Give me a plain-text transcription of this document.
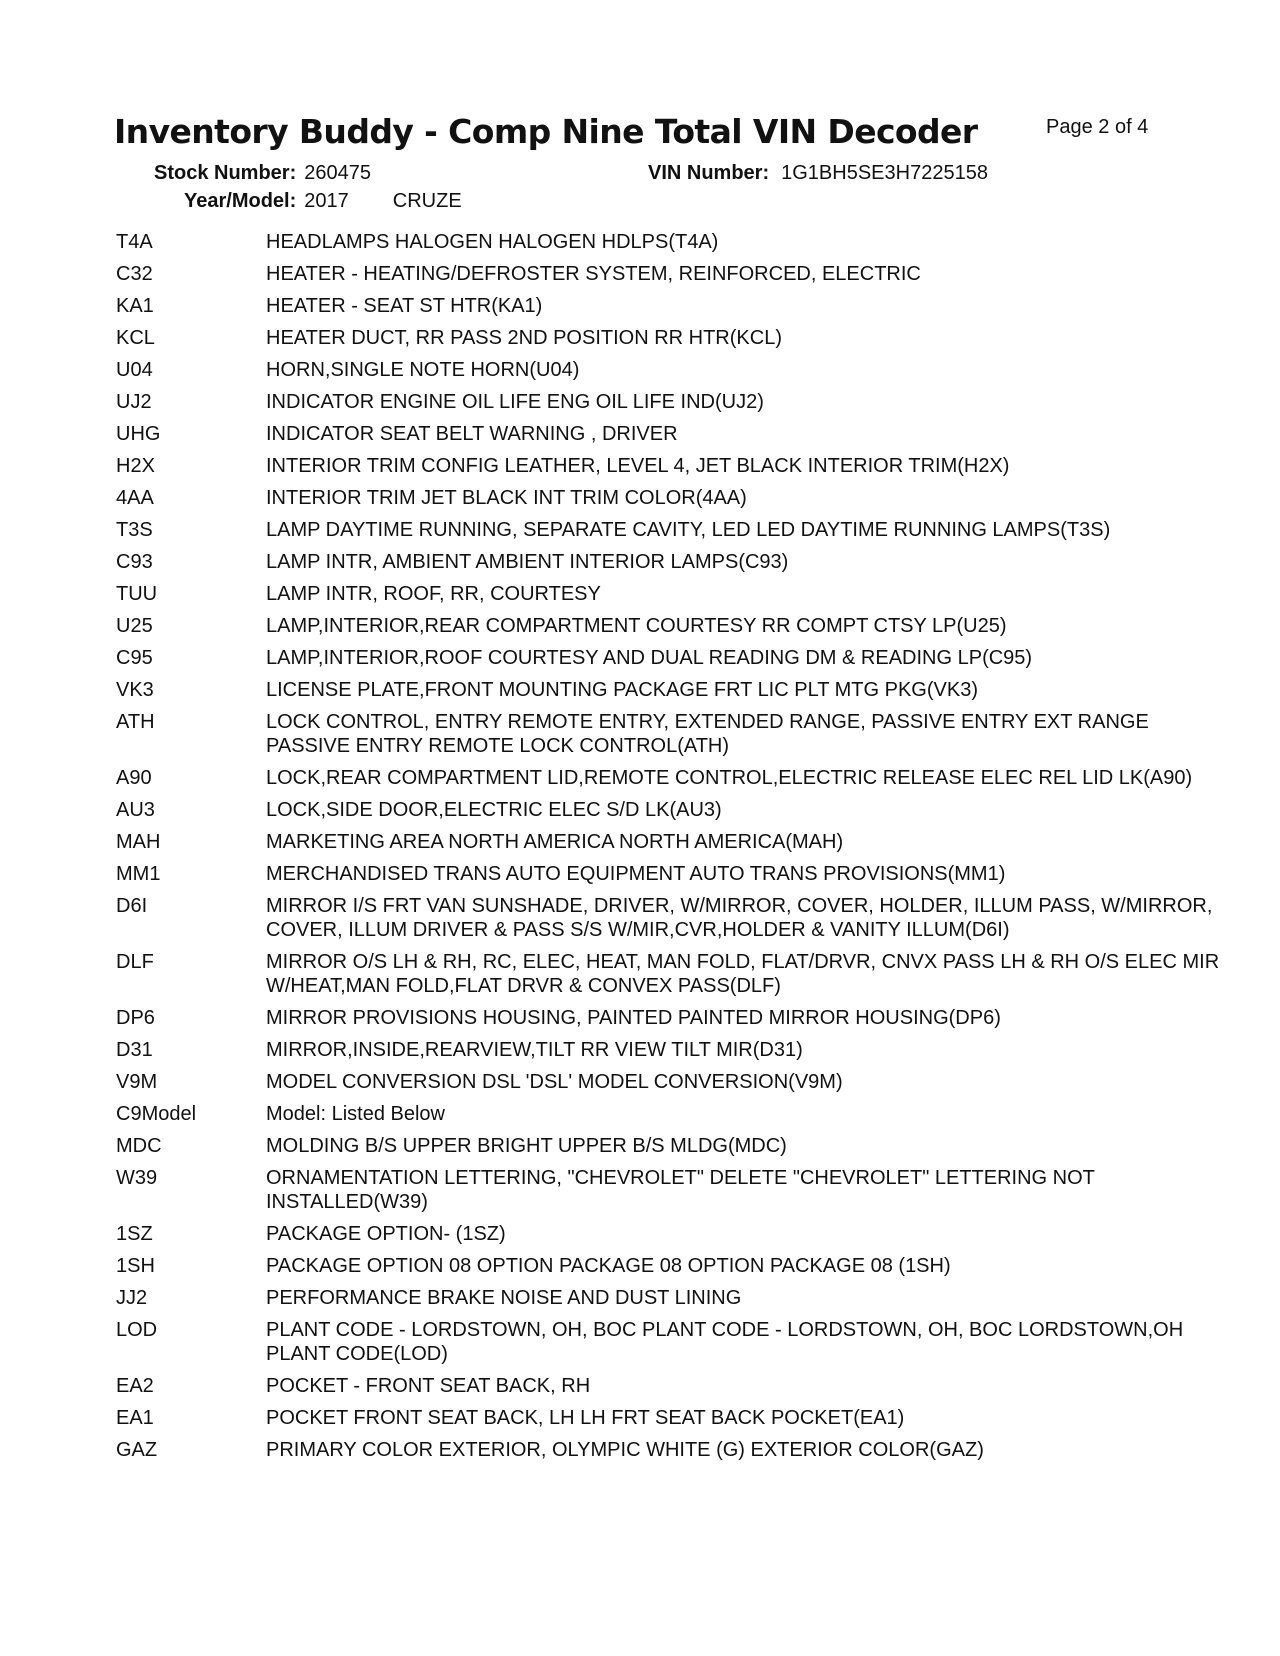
Inventory Buddy - Comp Nine Total VIN Decoder	Page 2 of 4
Stock Number: 260475	VIN Number: 1G1BH5SE3H7225158
Year/Model: 2017 CRUZE
T4A	HEADLAMPS HALOGEN HALOGEN HDLPS(T4A)
C32	HEATER - HEATING/DEFROSTER SYSTEM, REINFORCED, ELECTRIC
KA1	HEATER - SEAT ST HTR(KA1)
KCL	HEATER DUCT, RR PASS 2ND POSITION RR HTR(KCL)
U04	HORN,SINGLE NOTE HORN(U04)
UJ2	INDICATOR ENGINE OIL LIFE ENG OIL LIFE IND(UJ2)
UHG	INDICATOR SEAT BELT WARNING , DRIVER
H2X	INTERIOR TRIM CONFIG LEATHER, LEVEL 4, JET BLACK INTERIOR TRIM(H2X)
4AA	INTERIOR TRIM JET BLACK INT TRIM COLOR(4AA)
T3S	LAMP DAYTIME RUNNING, SEPARATE CAVITY, LED LED DAYTIME RUNNING LAMPS(T3S)
C93	LAMP INTR, AMBIENT AMBIENT INTERIOR LAMPS(C93)
TUU	LAMP INTR, ROOF, RR, COURTESY
U25	LAMP,INTERIOR,REAR COMPARTMENT COURTESY RR COMPT CTSY LP(U25)
C95	LAMP,INTERIOR,ROOF COURTESY AND DUAL READING DM & READING LP(C95)
VK3	LICENSE PLATE,FRONT MOUNTING PACKAGE FRT LIC PLT MTG PKG(VK3)
ATH	LOCK CONTROL, ENTRY REMOTE ENTRY, EXTENDED RANGE, PASSIVE ENTRY EXT RANGE PASSIVE ENTRY REMOTE LOCK CONTROL(ATH)
A90	LOCK,REAR COMPARTMENT LID,REMOTE CONTROL,ELECTRIC RELEASE ELEC REL LID LK(A90)
AU3	LOCK,SIDE DOOR,ELECTRIC ELEC S/D LK(AU3)
MAH	MARKETING AREA NORTH AMERICA NORTH AMERICA(MAH)
MM1	MERCHANDISED TRANS AUTO EQUIPMENT AUTO TRANS PROVISIONS(MM1)
D6I	MIRROR I/S FRT VAN SUNSHADE, DRIVER, W/MIRROR, COVER, HOLDER, ILLUM PASS, W/MIRROR, COVER, ILLUM DRIVER & PASS S/S W/MIR,CVR,HOLDER & VANITY ILLUM(D6I)
DLF	MIRROR O/S LH & RH, RC, ELEC, HEAT, MAN FOLD, FLAT/DRVR, CNVX PASS LH & RH O/S ELEC MIR W/HEAT,MAN FOLD,FLAT DRVR & CONVEX PASS(DLF)
DP6	MIRROR PROVISIONS HOUSING, PAINTED PAINTED MIRROR HOUSING(DP6)
D31	MIRROR,INSIDE,REARVIEW,TILT RR VIEW TILT MIR(D31)
V9M	MODEL CONVERSION DSL 'DSL' MODEL CONVERSION(V9M)
C9Model	Model: Listed Below
MDC	MOLDING B/S UPPER BRIGHT UPPER B/S MLDG(MDC)
W39	ORNAMENTATION LETTERING, "CHEVROLET" DELETE "CHEVROLET" LETTERING NOT INSTALLED(W39)
1SZ	PACKAGE OPTION- (1SZ)
1SH	PACKAGE OPTION 08 OPTION PACKAGE 08 OPTION PACKAGE 08 (1SH)
JJ2	PERFORMANCE BRAKE NOISE AND DUST LINING
LOD	PLANT CODE - LORDSTOWN, OH, BOC PLANT CODE - LORDSTOWN, OH, BOC LORDSTOWN,OH PLANT CODE(LOD)
EA2	POCKET - FRONT SEAT BACK, RH
EA1	POCKET FRONT SEAT BACK, LH LH FRT SEAT BACK POCKET(EA1)
GAZ	PRIMARY COLOR EXTERIOR, OLYMPIC WHITE (G) EXTERIOR COLOR(GAZ)
